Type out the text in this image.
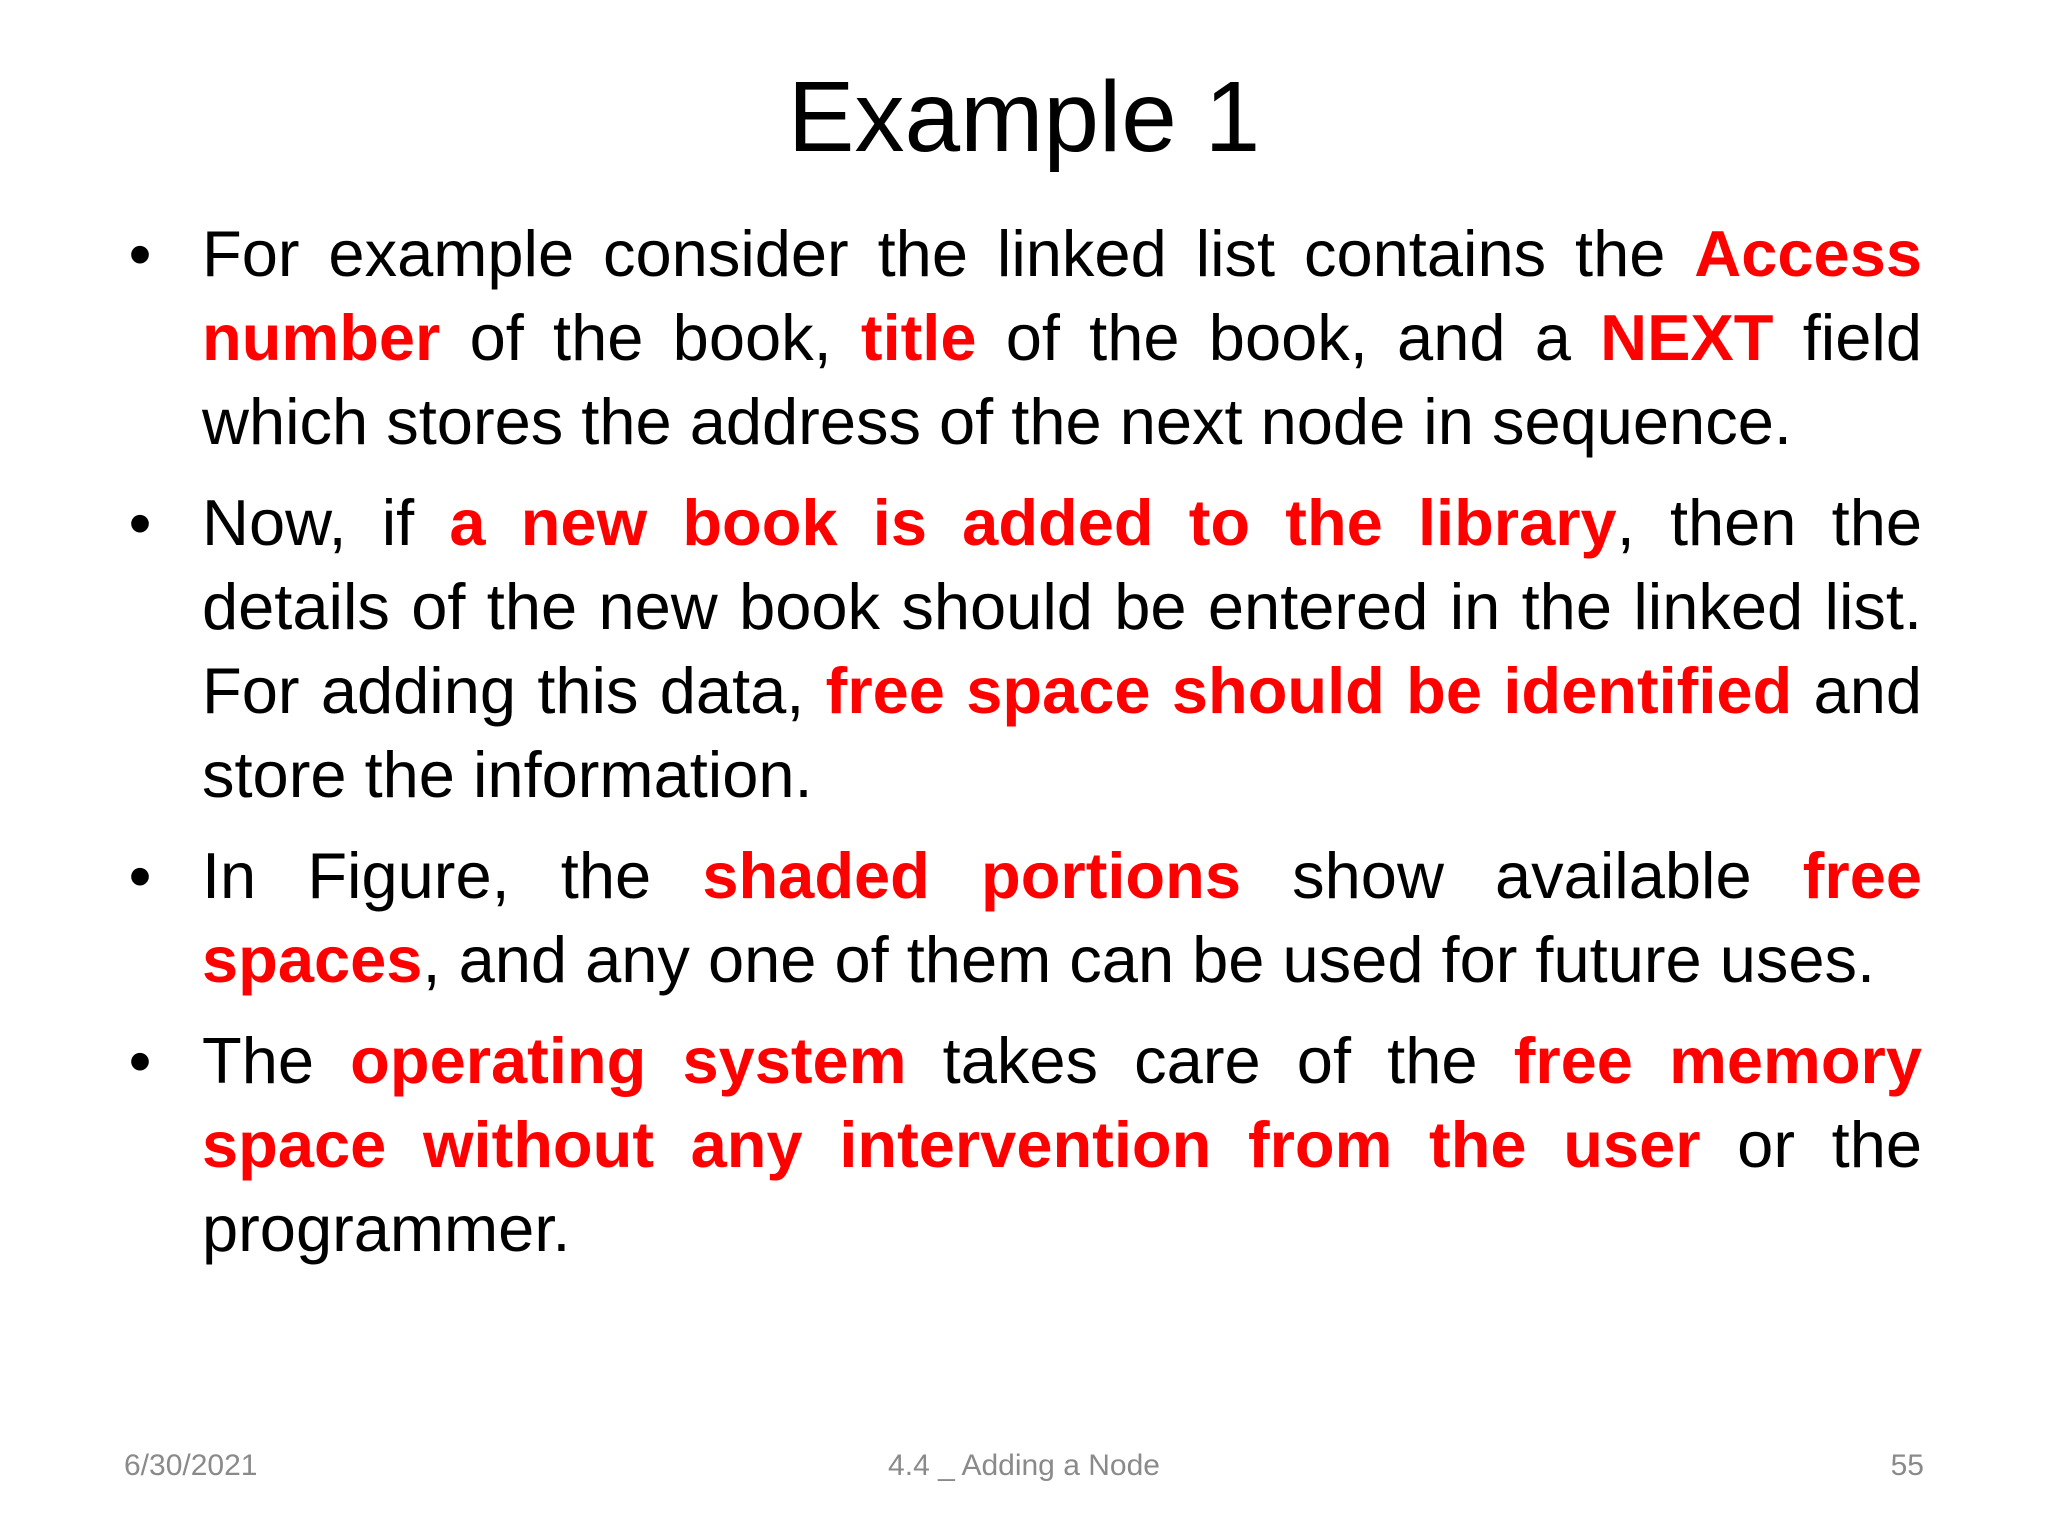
Example 1
• For example consider the linked list contains the Access number of the book, title of the book, and a NEXT field which stores the address of the next node in sequence.
• Now, if a new book is added to the library, then the details of the new book should be entered in the linked list. For adding this data, free space should be identified and store the information.
• In Figure, the shaded portions show available free spaces, and any one of them can be used for future uses.
• The operating system takes care of the free memory space without any intervention from the user or the programmer.
6/30/2021	4.4 _ Adding a Node	55
